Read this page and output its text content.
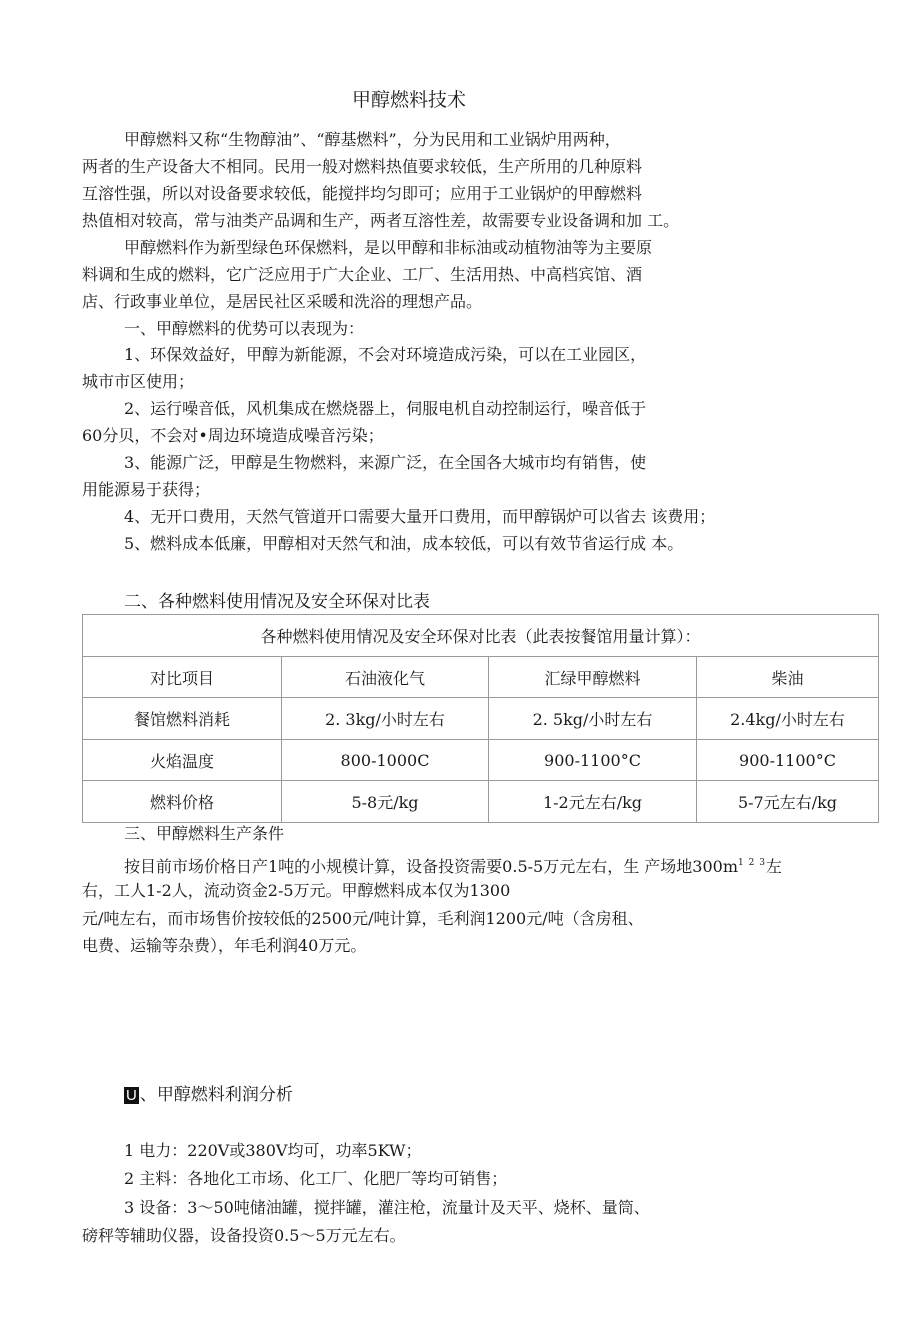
甲醇燃料技术
甲醇燃料又称“生物醇油”、“醇基燃料”，分为民用和工业锅炉用两种，
两者的生产设备大不相同。民用一般对燃料热值要求较低，生产所用的几种原料
互溶性强，所以对设备要求较低，能搅拌均匀即可；应用于工业锅炉的甲醇燃料
热值相对较高，常与油类产品调和生产，两者互溶性差，故需要专业设备调和加 工。
甲醇燃料作为新型绿色环保燃料，是以甲醇和非标油或动植物油等为主要原
料调和生成的燃料，它广泛应用于广大企业、工厂、生活用热、中高档宾馆、酒
店、行政事业单位，是居民社区采暖和洗浴的理想产品。
一、甲醇燃料的优势可以表现为：
1、环保效益好，甲醇为新能源，不会对环境造成污染，可以在工业园区，
城市市区使用；
2、运行噪音低，风机集成在燃烧器上，伺服电机自动控制运行，噪音低于
60分贝，不会对•周边环境造成噪音污染；
3、能源广泛，甲醇是生物燃料，来源广泛，在全国各大城市均有销售，使
用能源易于获得；
4、无开口费用，天然气管道开口需要大量开口费用，而甲醇锅炉可以省去 该费用；
5、燃料成本低廉，甲醇相对天然气和油，成本较低，可以有效节省运行成 本。
二、各种燃料使用情况及安全环保对比表
各种燃料使用情况及安全环保对比表（此表按餐馆用量计算）：			
对比项目	石油液化气	汇绿甲醇燃料	柴油
餐馆燃料消耗	2. 3kg/小时左右	2. 5kg/小时左右	2.4kg/小时左右
火焰温度	800-1000C	900-1100°C	900-1100°C
燃料价格	5-8元/kg	1-2元左右/kg	5-7元左右/kg
三、甲醇燃料生产条件
按目前市场价格日产1吨的小规模计算，设备投资需要0.5-5万元左右，生 产场地$300m^{1 2 3}$左
右，工人1-2人，流动资金2-5万元。甲醇燃料成本仅为1300
元/吨左右，而市场售价按较低的2500元/吨计算，毛利润1200元/吨（含房租、
电费、运输等杂费），年毛利润40万元。
U 、甲醇燃料利润分析
1 电力：220V或380V均可，功率5KW；
2 主料：各地化工市场、化工厂、化肥厂等均可销售；
3 设备：3〜50吨储油罐，搅拌罐，灌注枪，流量计及天平、烧杯、量筒、
磅秤等辅助仪器，设备投资0.5〜5万元左右。
